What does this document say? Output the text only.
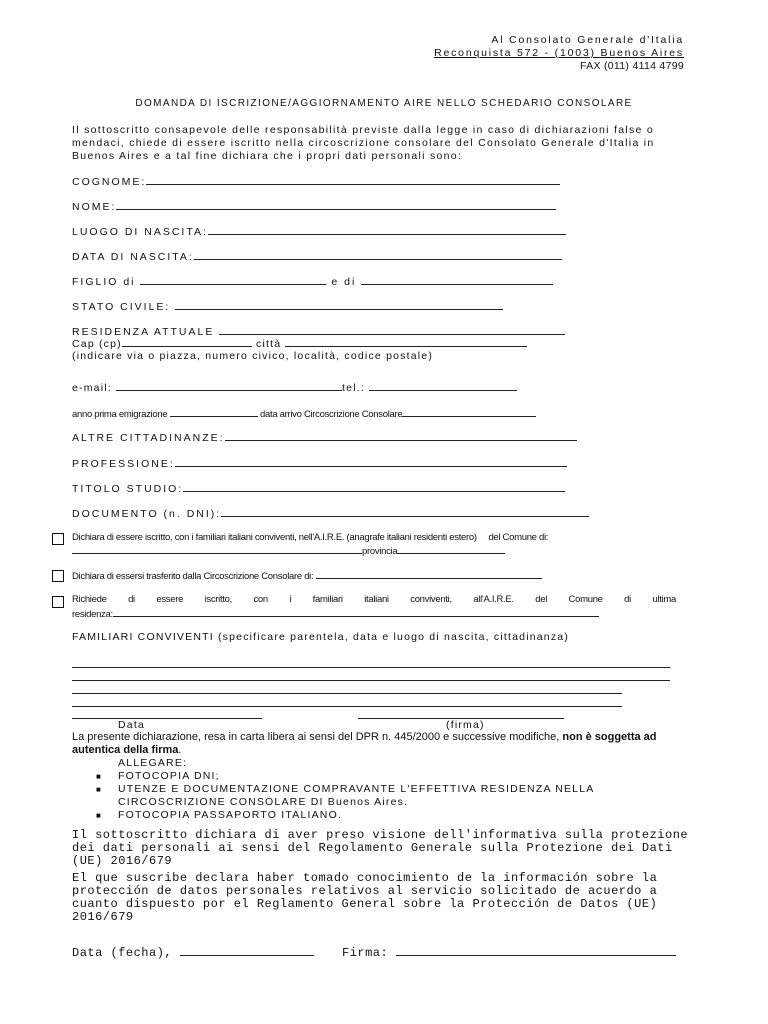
Al Consolato Generale d'Italia
Reconquista 572 - (1003) Buenos Aires
FAX (011) 4114 4799
DOMANDA DI ISCRIZIONE/AGGIORNAMENTO AIRE NELLO SCHEDARIO CONSOLARE
Il sottoscritto consapevole delle responsabilità previste dalla legge in caso di dichiarazioni false o mendaci, chiede di essere iscritto nella circoscrizione consolare del Consolato Generale d'Italia in Buenos Aires e a tal fine dichiara che i propri dati personali sono:
COGNOME:
NOME:
LUOGO DI NASCITA:
DATA DI NASCITA:
FIGLIO di	e di
STATO CIVILE:
RESIDENZA ATTUALE
Cap (cp)	città
(indicare via o piazza, numero civico, località, codice postale)
e-mail:	tel.:
anno prima emigrazione	data arrivo Circoscrizione Consolare
ALTRE CITTADINANZE:
PROFESSIONE:
TITOLO STUDIO:
DOCUMENTO (n. DNI):
Dichiara di essere iscritto, con i familiari italiani conviventi, nell'A.I.R.E. (anagrafe italiani residenti estero) del Comune di:
provincia
Dichiara di essersi trasferito dalla Circoscrizione Consolare di:
Richiede di essere iscritto, con i familiari italiani conviventi, all'A.I.R.E. del Comune di ultima
residenza:
FAMILIARI CONVIVENTI (specificare parentela, data e luogo di nascita, cittadinanza)
Data	(firma)
La presente dichiarazione, resa in carta libera ai sensi del DPR n. 445/2000 e successive modifiche, non è soggetta ad autentica della firma.
ALLEGARE:
■ FOTOCOPIA DNI;
■ UTENZE E DOCUMENTAZIONE COMPRAVANTE L'EFFETTIVA RESIDENZA NELLA
CIRCOSCRIZIONE CONSOLARE DI Buenos Aires.
■ FOTOCOPIA PASSAPORTO ITALIANO.
Il sottoscritto dichiara di aver preso visione dell'informativa sulla protezione dei dati personali ai sensi del Regolamento Generale sulla Protezione dei Dati (UE) 2016/679
El que suscribe declara haber tomado conocimiento de la información sobre la protección de datos personales relativos al servicio solicitado de acuerdo a cuanto dispuesto por el Reglamento General sobre la Protección de Datos (UE) 2016/679
Data (fecha),	Firma:
